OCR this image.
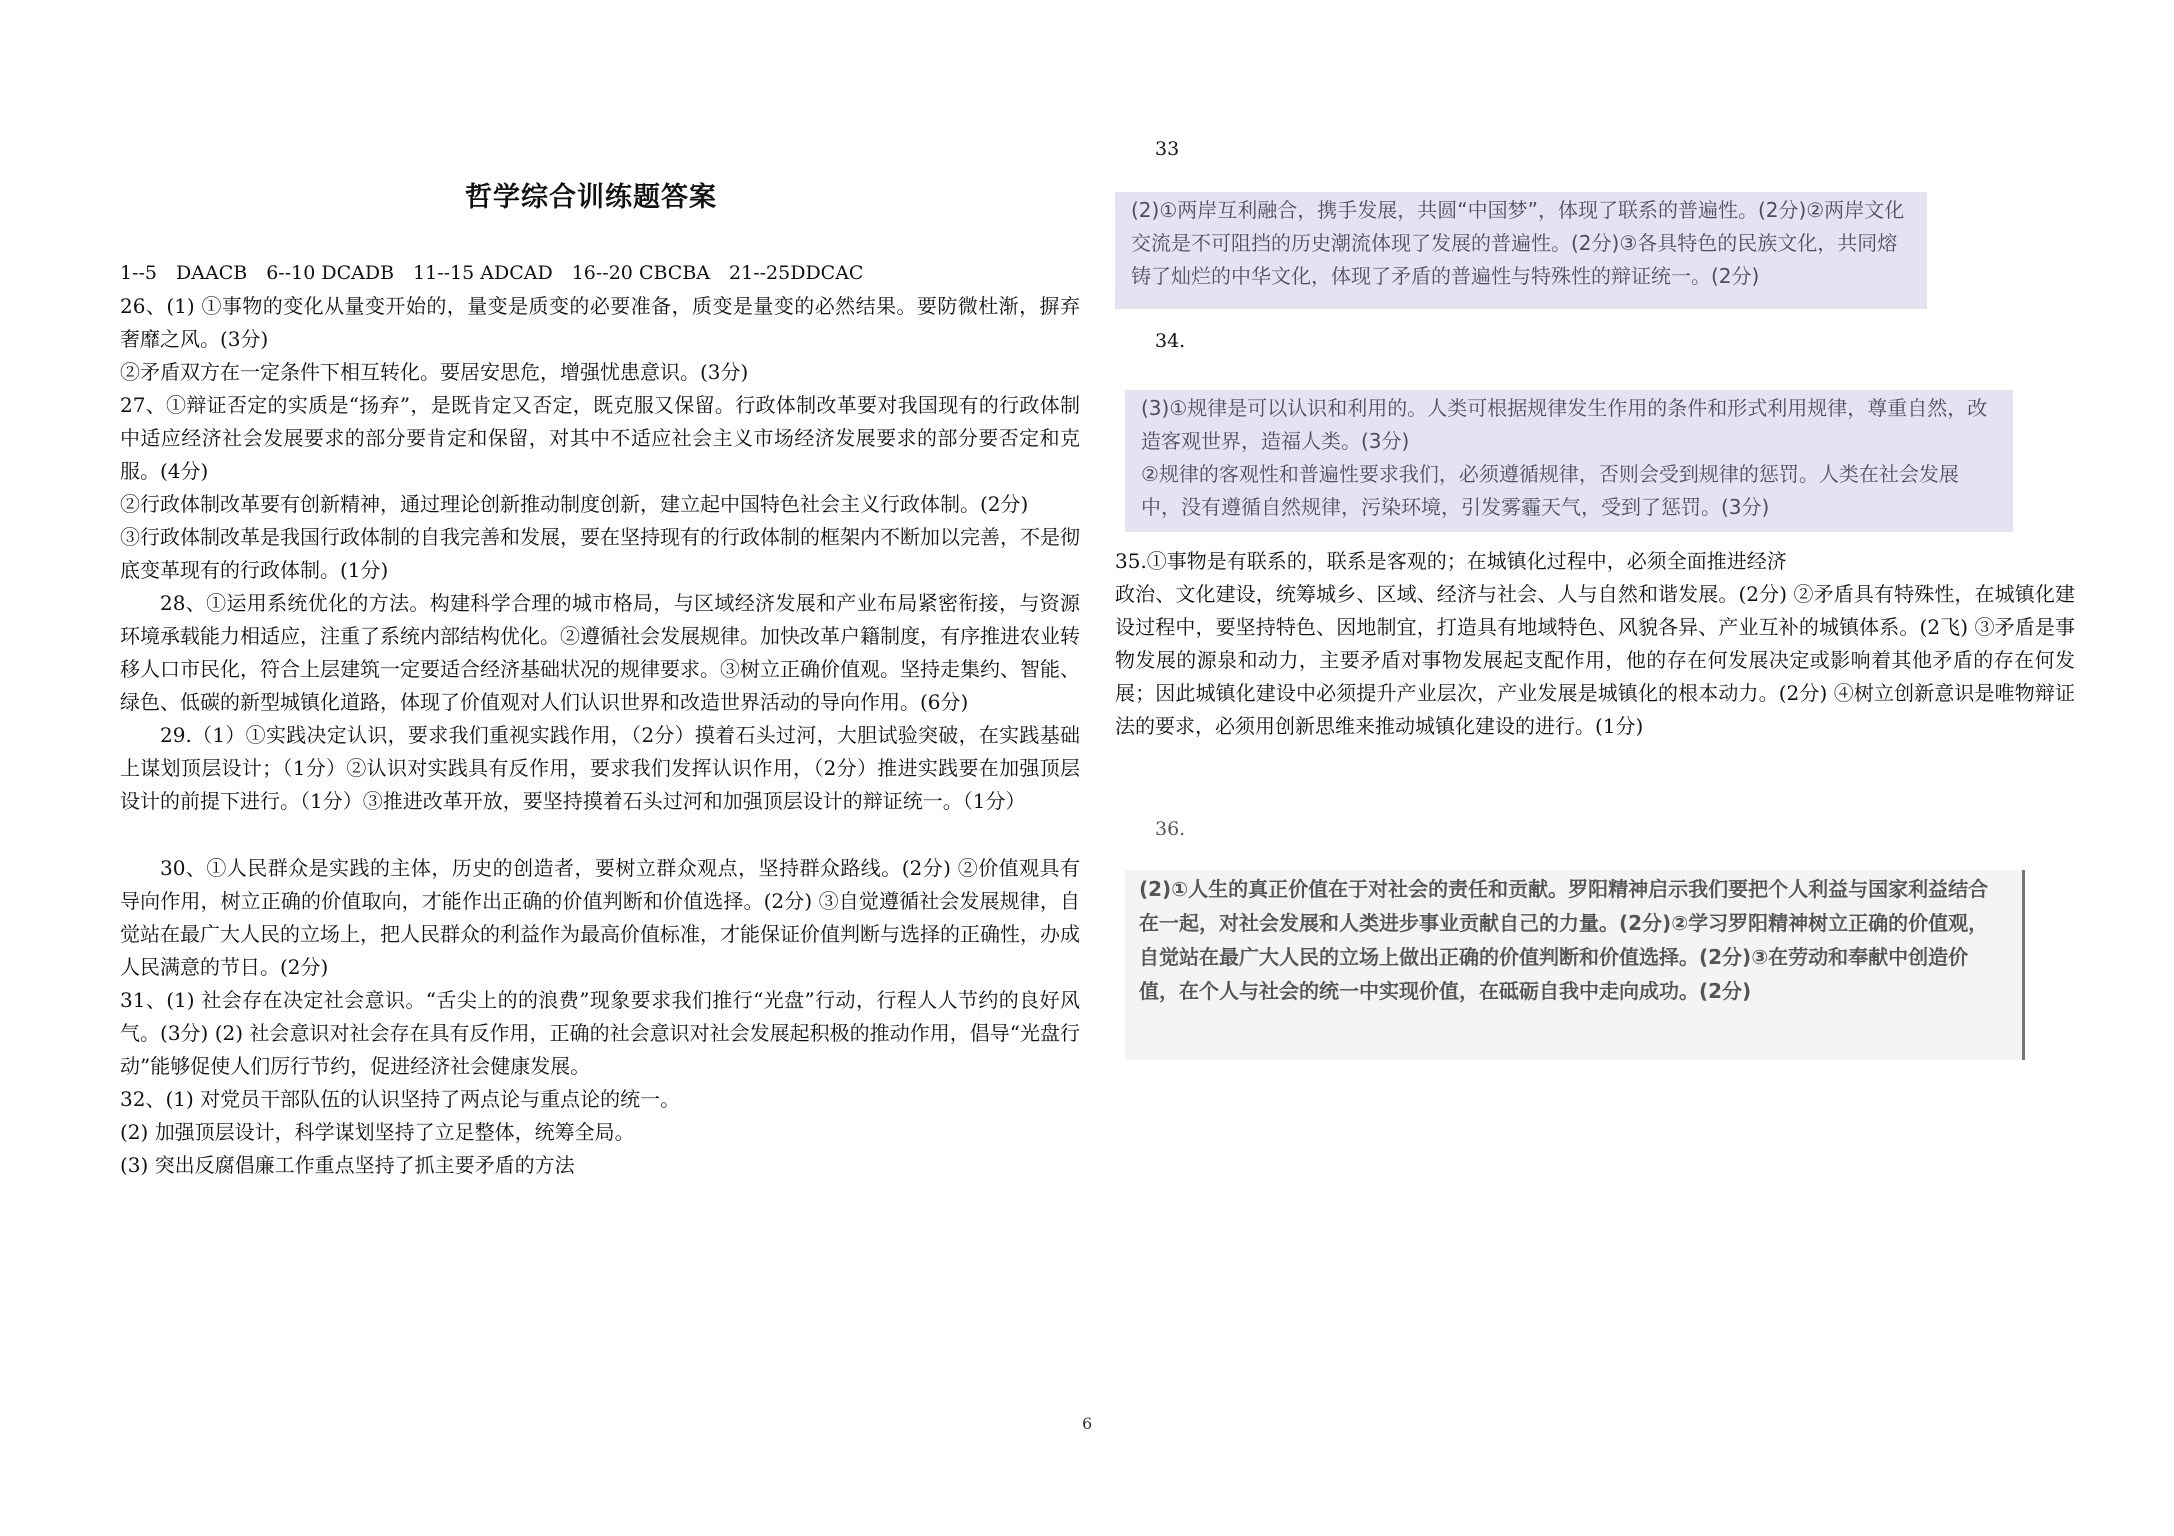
哲学综合训练题答案
1--5　DAACB　6--10 DCADB　11--15 ADCAD　16--20 CBCBA　21--25DDCAC

26、(1) ①事物的变化从量变开始的，量变是质变的必要准备，质变是量变的必然结果。要防微杜渐，摒弃奢靡之风。(3分)

②矛盾双方在一定条件下相互转化。要居安思危，增强忧患意识。(3分)

27、①辩证否定的实质是“扬弃”，是既肯定又否定，既克服又保留。行政体制改革要对我国现有的行政体制中适应经济社会发展要求的部分要肯定和保留，对其中不适应社会主义市场经济发展要求的部分要否定和克服。(4分)

②行政体制改革要有创新精神，通过理论创新推动制度创新，建立起中国特色社会主义行政体制。(2分)

③行政体制改革是我国行政体制的自我完善和发展，要在坚持现有的行政体制的框架内不断加以完善，不是彻底变革现有的行政体制。(1分)

28、①运用系统优化的方法。构建科学合理的城市格局，与区域经济发展和产业布局紧密衔接，与资源环境承载能力相适应，注重了系统内部结构优化。②遵循社会发展规律。加快改革户籍制度，有序推进农业转移人口市民化，符合上层建筑一定要适合经济基础状况的规律要求。③树立正确价值观。坚持走集约、智能、绿色、低碳的新型城镇化道路，体现了价值观对人们认识世界和改造世界活动的导向作用。(6分)

29.（1）①实践决定认识，要求我们重视实践作用，（2分）摸着石头过河，大胆试验突破，在实践基础上谋划顶层设计；（1分）②认识对实践具有反作用，要求我们发挥认识作用，（2分）推进实践要在加强顶层设计的前提下进行。（1分）③推进改革开放，要坚持摸着石头过河和加强顶层设计的辩证统一。（1分）

30、①人民群众是实践的主体，历史的创造者，要树立群众观点，坚持群众路线。(2分) ②价值观具有导向作用，树立正确的价值取向，才能作出正确的价值判断和价值选择。(2分) ③自觉遵循社会发展规律，自觉站在最广大人民的立场上，把人民群众的利益作为最高价值标准，才能保证价值判断与选择的正确性，办成人民满意的节日。(2分)

31、(1) 社会存在决定社会意识。“舌尖上的的浪费”现象要求我们推行“光盘”行动，行程人人节约的良好风气。(3分) (2) 社会意识对社会存在具有反作用，正确的社会意识对社会发展起积极的推动作用，倡导“光盘行动”能够促使人们厉行节约，促进经济社会健康发展。

32、(1) 对党员干部队伍的认识坚持了两点论与重点论的统一。

(2) 加强顶层设计，科学谋划坚持了立足整体，统筹全局。

(3) 突出反腐倡廉工作重点坚持了抓主要矛盾的方法

33

(2)①两岸互利融合，携手发展，共圆“中国梦”，体现了联系的普遍性。(2分)②两岸文化交流是不可阻挡的历史潮流体现了发展的普遍性。(2分)③各具特色的民族文化，共同熔铸了灿烂的中华文化，体现了矛盾的普遍性与特殊性的辩证统一。(2分)

34.

(3)①规律是可以认识和利用的。人类可根据规律发生作用的条件和形式利用规律，尊重自然，改造客观世界，造福人类。(3分)

②规律的客观性和普遍性要求我们，必须遵循规律，否则会受到规律的惩罚。人类在社会发展中，没有遵循自然规律，污染环境，引发雾霾天气，受到了惩罚。(3分)

35.①事物是有联系的，联系是客观的；在城镇化过程中，必须全面推进经济

政治、文化建设，统筹城乡、区域、经济与社会、人与自然和谐发展。(2分) ②矛盾具有特殊性，在城镇化建设过程中，要坚持特色、因地制宜，打造具有地域特色、风貌各异、产业互补的城镇体系。(2飞) ③矛盾是事物发展的源泉和动力，主要矛盾对事物发展起支配作用，他的存在何发展决定或影响着其他矛盾的存在何发展；因此城镇化建设中必须提升产业层次，产业发展是城镇化的根本动力。(2分) ④树立创新意识是唯物辩证法的要求，必须用创新思维来推动城镇化建设的进行。(1分)

36.

(2)①人生的真正价值在于对社会的责任和贡献。罗阳精神启示我们要把个人利益与国家利益结合在一起，对社会发展和人类进步事业贡献自己的力量。(2分)②学习罗阳精神树立正确的价值观，自觉站在最广大人民的立场上做出正确的价值判断和价值选择。(2分)③在劳动和奉献中创造价值，在个人与社会的统一中实现价值，在砥砺自我中走向成功。(2分)

6
